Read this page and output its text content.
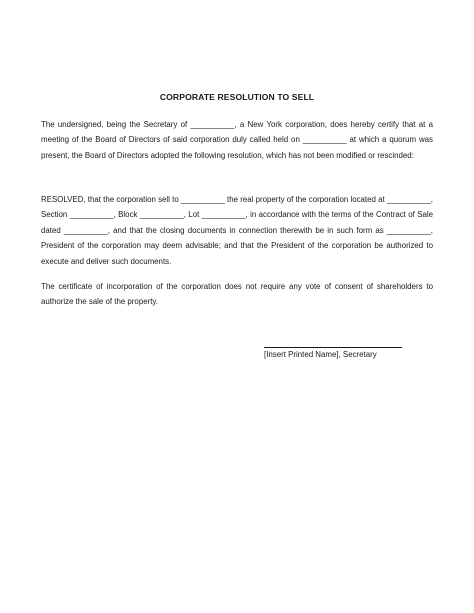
CORPORATE RESOLUTION TO SELL

The undersigned, being the Secretary of __________, a New York corporation, does hereby certify that at a meeting of the Board of Directors of said corporation duly called held on __________ at which a quorum was present, the Board of Directors adopted the following resolution, which has not been modified or rescinded:

RESOLVED, that the corporation sell to __________ the real property of the corporation located at __________, Section __________, Block __________, Lot __________, in accordance with the terms of the Contract of Sale dated __________, and that the closing documents in connection therewith be in such form as __________, President of the corporation may deem advisable; and that the President of the corporation be authorized to execute and deliver such documents.

The certificate of incorporation of the corporation does not require any vote of consent of shareholders to authorize the sale of the property.

[Insert Printed Name], Secretary
